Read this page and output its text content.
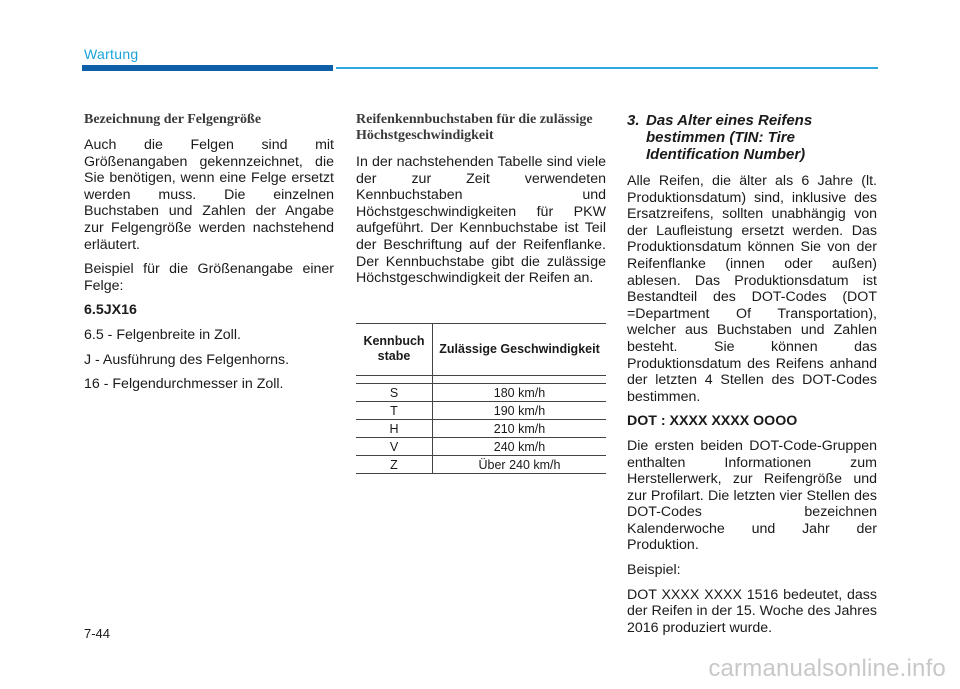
Wartung
Bezeichnung der Felgengröße

Auch die Felgen sind mit Größenangaben gekennzeichnet, die Sie benötigen, wenn eine Felge ersetzt werden muss. Die einzelnen Buchstaben und Zahlen der Angabe zur Felgengröße werden nachstehend erläutert.

Beispiel für die Größenangabe einer Felge:

6.5JX16

6.5 - Felgenbreite in Zoll.

J - Ausführung des Felgenhorns.

16 - Felgendurchmesser in Zoll.

Reifenkennbuchstaben für die zulässige Höchstgeschwindigkeit

In der nachstehenden Tabelle sind viele der zur Zeit verwendeten Kennbuchstaben und Höchstgeschwindigkeiten für PKW aufgeführt. Der Kennbuchstabe ist Teil der Beschriftung auf der Reifenflanke. Der Kennbuchstabe gibt die zulässige Höchstgeschwindigkeit der Reifen an.

Kennbuch stabe	Zulässige Geschwindigkeit

S	180 km/h
T	190 km/h
H	210 km/h
V	240 km/h
Z	Über 240 km/h
3. Das Alter eines Reifens
bestimmen (TIN: Tire
Identification Number)

Alle Reifen, die älter als 6 Jahre (lt. Produktionsdatum) sind, inklusive des Ersatzreifens, sollten unabhängig von der Laufleistung ersetzt werden. Das Produktionsdatum können Sie von der Reifenflanke (innen oder außen) ablesen. Das Produktionsdatum ist Bestandteil des DOT-Codes (DOT =Department Of Transportation), welcher aus Buchstaben und Zahlen besteht. Sie können das Produktionsdatum des Reifens anhand der letzten 4 Stellen des DOT-Codes bestimmen.

DOT : XXXX XXXX OOOO

Die ersten beiden DOT-Code-Gruppen enthalten Informationen zum Herstellerwerk, zur Reifengröße und zur Profilart. Die letzten vier Stellen des DOT-Codes bezeichnen Kalenderwoche und Jahr der Produktion.

Beispiel:

DOT XXXX XXXX 1516 bedeutet, dass der Reifen in der 15. Woche des Jahres 2016 produziert wurde.

7-44
carmanualsonline.info
